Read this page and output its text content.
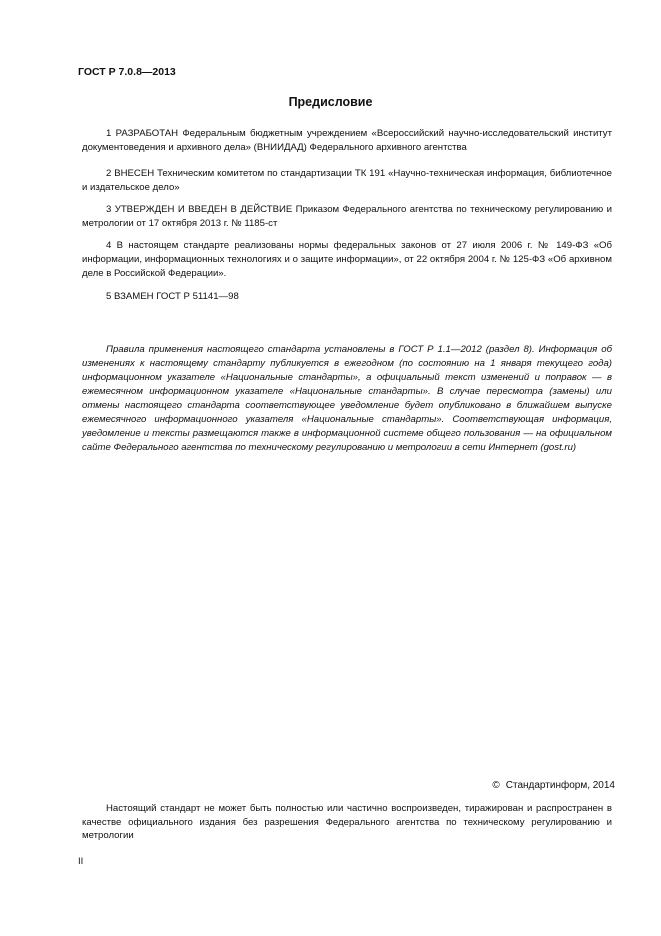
ГОСТ Р 7.0.8—2013
Предисловие

1 РАЗРАБОТАН Федеральным бюджетным учреждением «Всероссийский научно-исследовательский институт документоведения и архивного дела» (ВНИИДАД) Федерального архивного агентства

2 ВНЕСЕН Техническим комитетом по стандартизации ТК 191 «Научно-техническая информация, библиотечное и издательское дело»

3 УТВЕРЖДЕН И ВВЕДЕН В ДЕЙСТВИЕ Приказом Федерального агентства по техническому регулированию и метрологии от 17 октября 2013 г. № 1185-ст

4 В настоящем стандарте реализованы нормы федеральных законов от 27 июля 2006 г. № 149-ФЗ «Об информации, информационных технологиях и о защите информации», от 22 октября 2004 г. № 125-ФЗ «Об архивном деле в Российской Федерации».

5 ВЗАМЕН ГОСТ Р 51141—98

Правила применения настоящего стандарта установлены в ГОСТ Р 1.1—2012 (раздел 8). Информация об изменениях к настоящему стандарту публикуется в ежегодном (по состоянию на 1 января текущего года) информационном указателе «Национальные стандарты», а официальный текст изменений и поправок — в ежемесячном информационном указателе «Национальные стандарты». В случае пересмотра (замены) или отмены настоящего стандарта соответствующее уведомление будет опубликовано в ближайшем выпуске ежемесячного информационного указателя «Национальные стандарты». Соответствующая информация, уведомление и тексты размещаются также в информационной системе общего пользования — на официальном сайте Федерального агентства по техническому регулированию и метрологии в сети Интернет (gost.ru)

© Стандартинформ, 2014

Настоящий стандарт не может быть полностью или частично воспроизведен, тиражирован и распространен в качестве официального издания без разрешения Федерального агентства по техническому регулированию и метрологии

II
